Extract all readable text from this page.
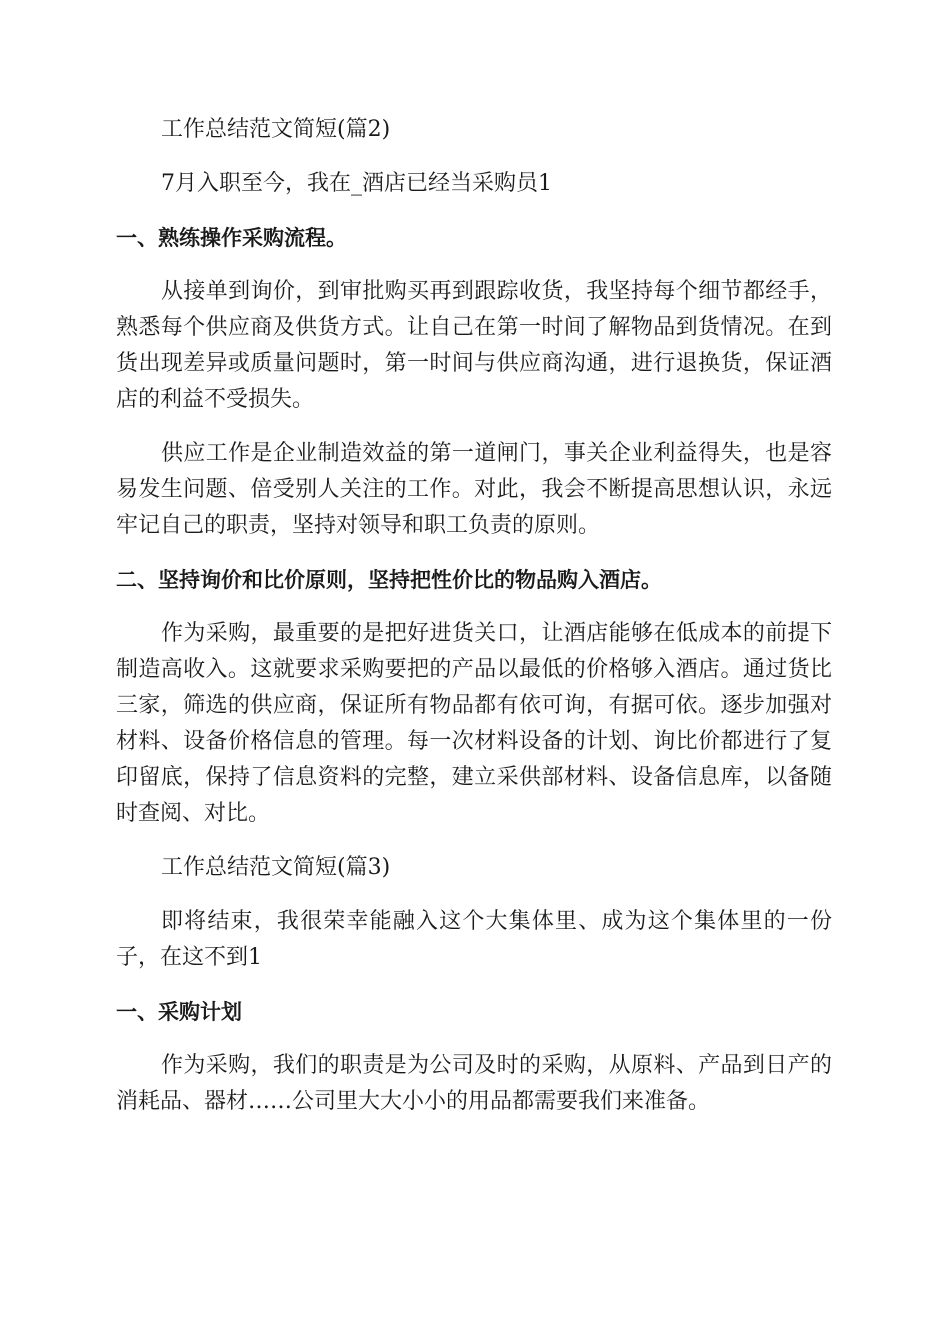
工作总结范文简短(篇2)

7月入职至今，我在_酒店已经当采购员1

一、熟练操作采购流程。

从接单到询价，到审批购买再到跟踪收货，我坚持每个细节都经手，熟悉每个供应商及供货方式。让自己在第一时间了解物品到货情况。在到货出现差异或质量问题时，第一时间与供应商沟通，进行退换货，保证酒店的利益不受损失。

供应工作是企业制造效益的第一道闸门，事关企业利益得失，也是容易发生问题、倍受别人关注的工作。对此，我会不断提高思想认识，永远牢记自己的职责，坚持对领导和职工负责的原则。

二、坚持询价和比价原则，坚持把性价比的物品购入酒店。

作为采购，最重要的是把好进货关口，让酒店能够在低成本的前提下制造高收入。这就要求采购要把的产品以最低的价格够入酒店。通过货比三家，筛选的供应商，保证所有物品都有依可询，有据可依。逐步加强对材料、设备价格信息的管理。每一次材料设备的计划、询比价都进行了复印留底，保持了信息资料的完整，建立采供部材料、设备信息库，以备随时查阅、对比。

工作总结范文简短(篇3)

即将结束，我很荣幸能融入这个大集体里、成为这个集体里的一份子，在这不到1

一、采购计划

作为采购，我们的职责是为公司及时的采购，从原料、产品到日产的消耗品、器材……公司里大大小小的用品都需要我们来准备。
